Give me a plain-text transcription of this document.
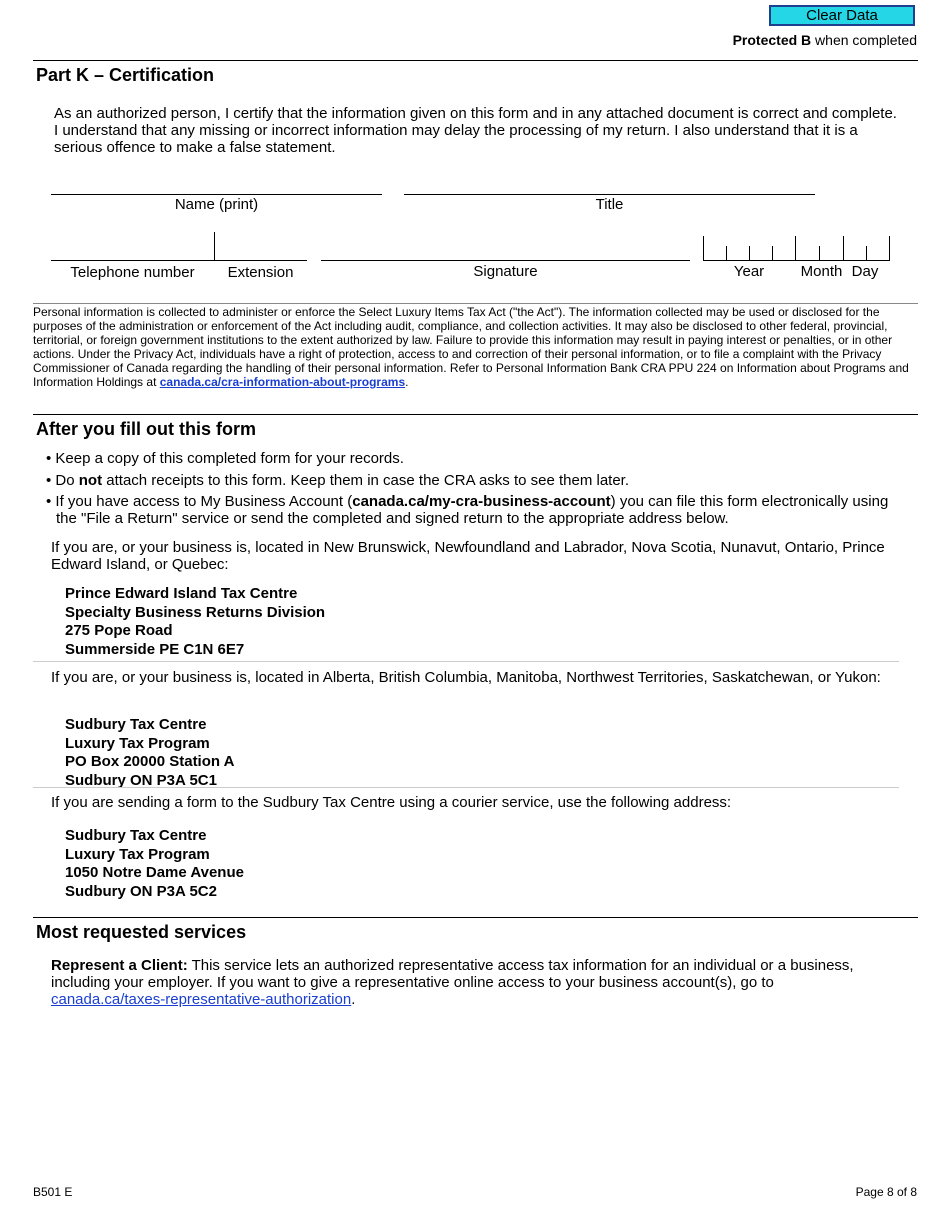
Clear Data
Protected B when completed
Part K – Certification
As an authorized person, I certify that the information given on this form and in any attached document is correct and complete. I understand that any missing or incorrect information may delay the processing of my return. I also understand that it is a serious offence to make a false statement.
Name (print)	Title
Telephone number	Extension	Signature	Year	Month Day
Personal information is collected to administer or enforce the Select Luxury Items Tax Act ("the Act"). The information collected may be used or disclosed for the purposes of the administration or enforcement of the Act including audit, compliance, and collection activities. It may also be disclosed to other federal, provincial, territorial, or foreign government institutions to the extent authorized by law. Failure to provide this information may result in paying interest or penalties, or in other actions. Under the Privacy Act, individuals have a right of protection, access to and correction of their personal information, or to file a complaint with the Privacy Commissioner of Canada regarding the handling of their personal information. Refer to Personal Information Bank CRA PPU 224 on Information about Programs and Information Holdings at canada.ca/cra-information-about-programs.
After you fill out this form
• Keep a copy of this completed form for your records.
• Do not attach receipts to this form. Keep them in case the CRA asks to see them later.
• If you have access to My Business Account (canada.ca/my-cra-business-account) you can file this form electronically using the "File a Return" service or send the completed and signed return to the appropriate address below.
If you are, or your business is, located in New Brunswick, Newfoundland and Labrador, Nova Scotia, Nunavut, Ontario, Prince Edward Island, or Quebec:
Prince Edward Island Tax Centre
Specialty Business Returns Division
275 Pope Road
Summerside PE C1N 6E7
If you are, or your business is, located in Alberta, British Columbia, Manitoba, Northwest Territories, Saskatchewan, or Yukon:
Sudbury Tax Centre
Luxury Tax Program
PO Box 20000 Station A
Sudbury ON P3A 5C1
If you are sending a form to the Sudbury Tax Centre using a courier service, use the following address:
Sudbury Tax Centre
Luxury Tax Program
1050 Notre Dame Avenue
Sudbury ON P3A 5C2
Most requested services
Represent a Client: This service lets an authorized representative access tax information for an individual or a business, including your employer. If you want to give a representative online access to your business account(s), go to canada.ca/taxes-representative-authorization.
B501 E	Page 8 of 8
